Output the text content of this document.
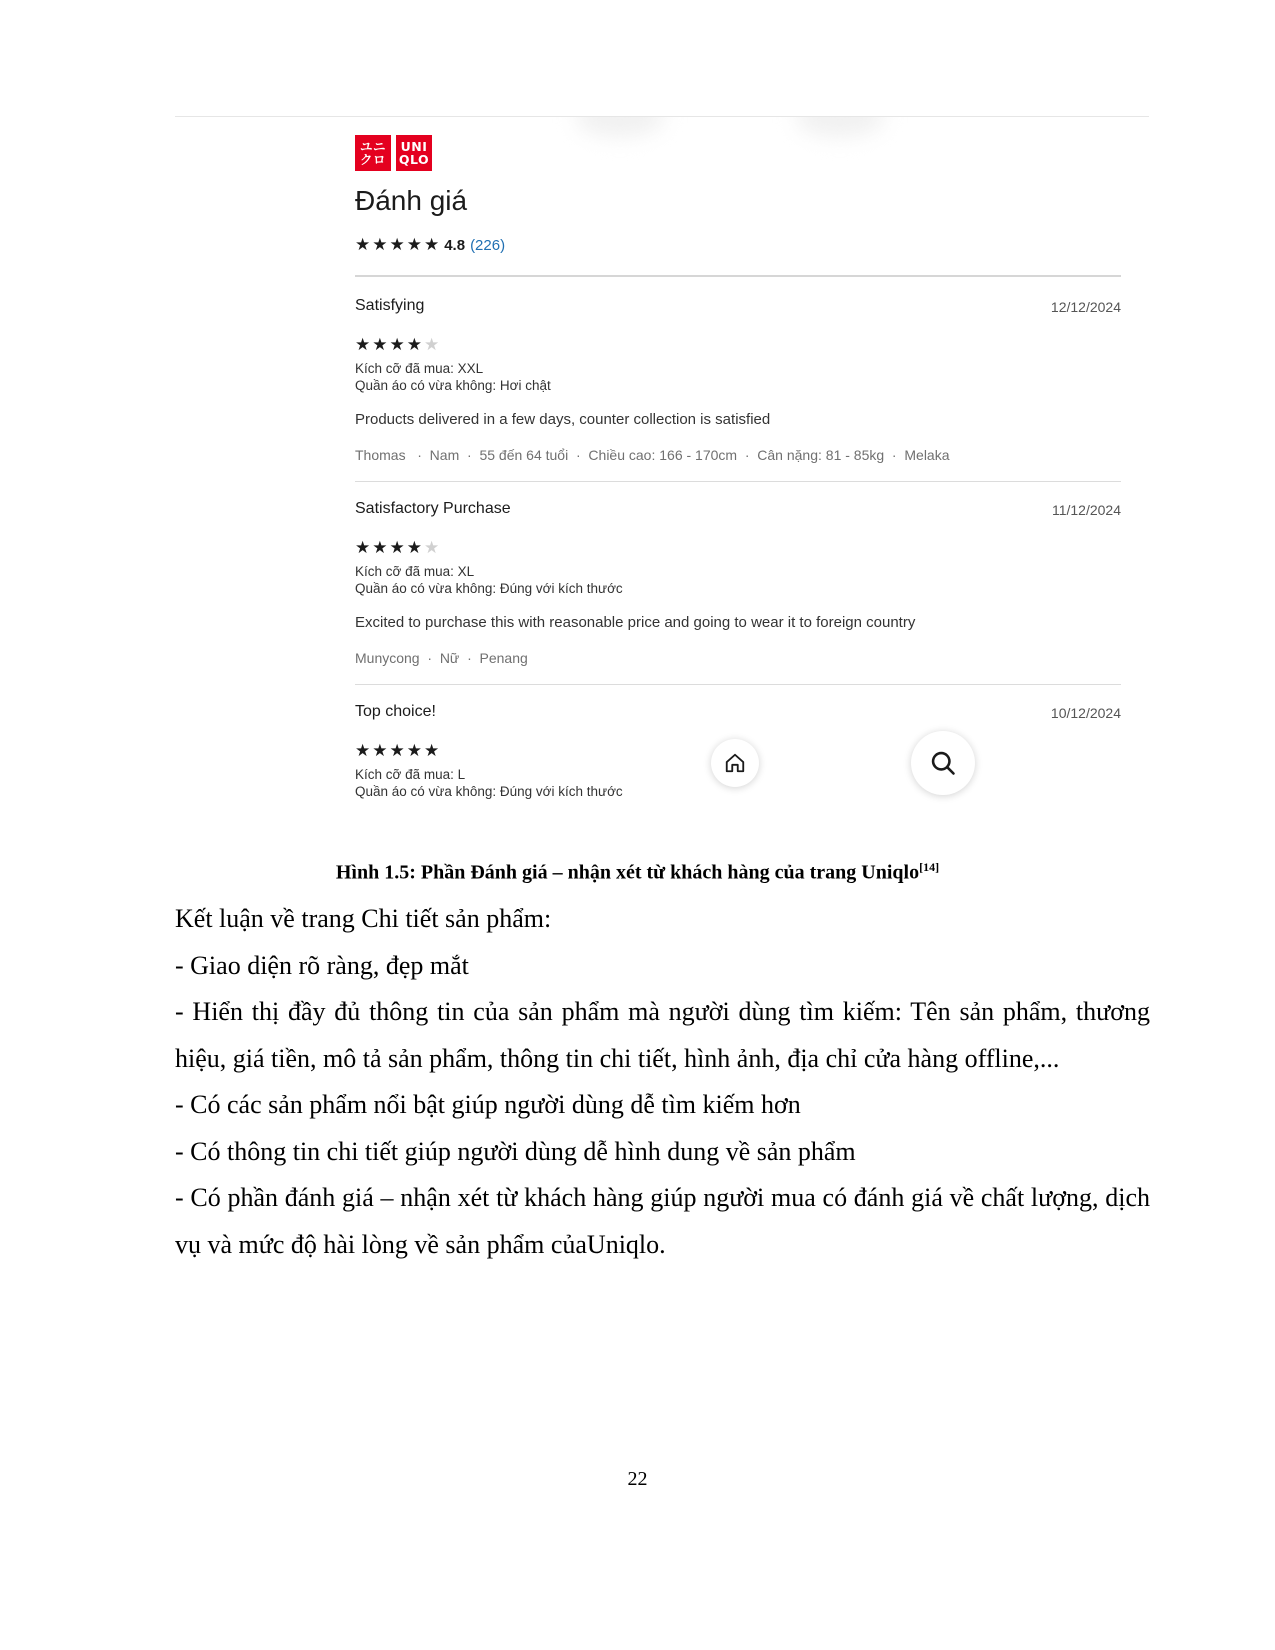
ユニ
クロ
UNI
QLO
Đánh giá
★★★★★ 4.8 (226)
Satisfying	12/12/2024
★★★★★
Kích cỡ đã mua: XXL
Quần áo có vừa không: Hơi chật
Products delivered in a few days, counter collection is satisfied
Thomas   ·  Nam  ·  55 đến 64 tuổi  ·  Chiều cao: 166 - 170cm  ·  Cân nặng: 81 - 85kg  ·  Melaka
Satisfactory Purchase	11/12/2024
★★★★★
Kích cỡ đã mua: XL
Quần áo có vừa không: Đúng với kích thước
Excited to purchase this with reasonable price and going to wear it to foreign country
Munycong  ·  Nữ  ·  Penang
Top choice!	10/12/2024
★★★★★
Kích cỡ đã mua: L
Quần áo có vừa không: Đúng với kích thước
Hình 1.5: Phần Đánh giá – nhận xét từ khách hàng của trang Uniqlo[14]

Kết luận về trang Chi tiết sản phẩm:

- Giao diện rõ ràng, đẹp mắt

- Hiển thị đầy đủ thông tin của sản phẩm mà người dùng tìm kiếm: Tên sản phẩm, thương hiệu, giá tiền, mô tả sản phẩm, thông tin chi tiết, hình ảnh, địa chỉ cửa hàng offline,...

- Có các sản phẩm nổi bật giúp người dùng dễ tìm kiếm hơn

- Có thông tin chi tiết giúp người dùng dễ hình dung về sản phẩm

- Có phần đánh giá – nhận xét từ khách hàng giúp người mua có đánh giá về chất lượng, dịch vụ và mức độ hài lòng về sản phẩm củaUniqlo.

22
